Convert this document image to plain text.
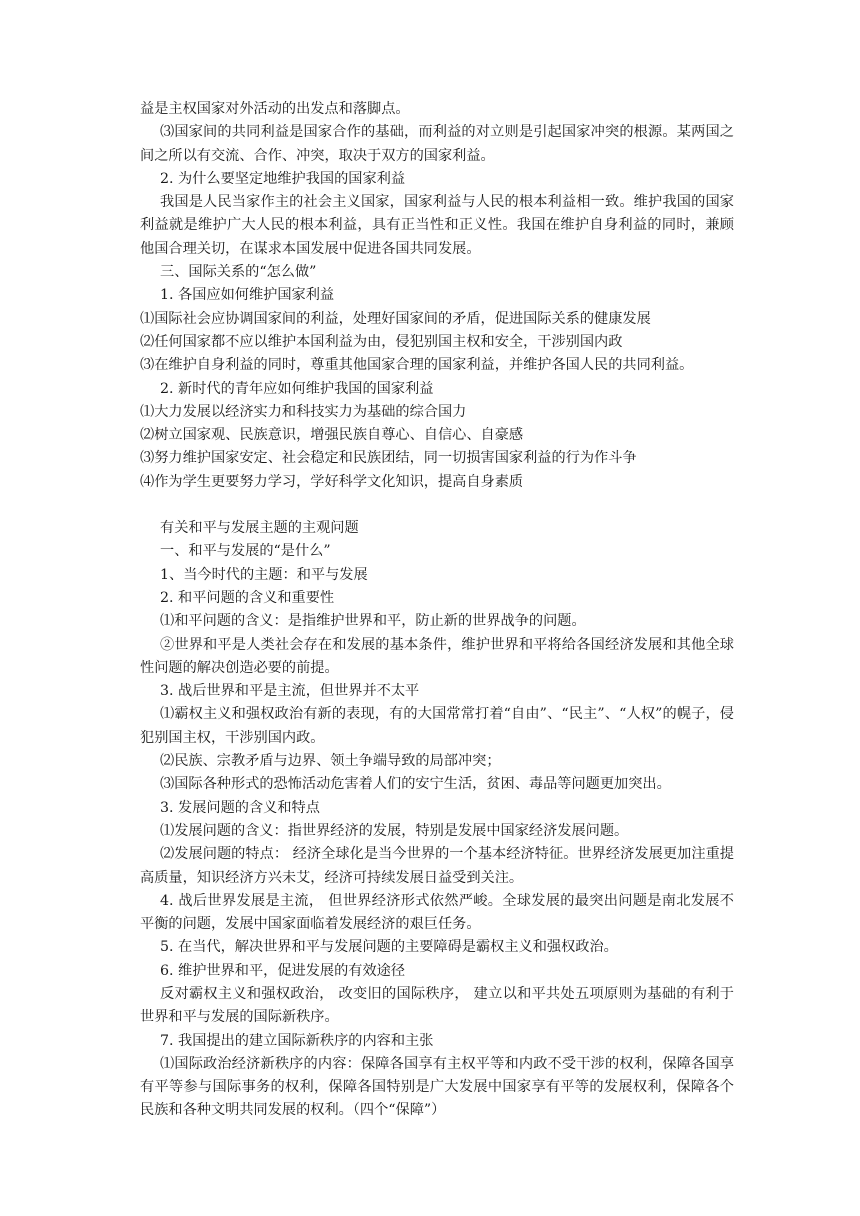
益是主权国家对外活动的出发点和落脚点。

⑶国家间的共同利益是国家合作的基础，而利益的对立则是引起国家冲突的根源。某两国之间之所以有交流、合作、冲突，取决于双方的国家利益。

2. 为什么要坚定地维护我国的国家利益

我国是人民当家作主的社会主义国家，国家利益与人民的根本利益相一致。维护我国的国家利益就是维护广大人民的根本利益，具有正当性和正义性。我国在维护自身利益的同时，兼顾他国合理关切，在谋求本国发展中促进各国共同发展。

三、国际关系的“怎么做”

1. 各国应如何维护国家利益

⑴国际社会应协调国家间的利益，处理好国家间的矛盾，促进国际关系的健康发展

⑵任何国家都不应以维护本国利益为由，侵犯别国主权和安全，干涉别国内政

⑶在维护自身利益的同时，尊重其他国家合理的国家利益，并维护各国人民的共同利益。

2. 新时代的青年应如何维护我国的国家利益

⑴大力发展以经济实力和科技实力为基础的综合国力

⑵树立国家观、民族意识，增强民族自尊心、自信心、自豪感

⑶努力维护国家安定、社会稳定和民族团结，同一切损害国家利益的行为作斗争

⑷作为学生更要努力学习，学好科学文化知识，提高自身素质

有关和平与发展主题的主观问题

一、和平与发展的“是什么”

1、当今时代的主题：和平与发展

2. 和平问题的含义和重要性

⑴和平问题的含义：是指维护世界和平，防止新的世界战争的问题。

②世界和平是人类社会存在和发展的基本条件，维护世界和平将给各国经济发展和其他全球性问题的解决创造必要的前提。

3. 战后世界和平是主流，但世界并不太平

⑴霸权主义和强权政治有新的表现，有的大国常常打着“自由”、“民主”、“人权”的幌子，侵犯别国主权，干涉别国内政。

⑵民族、宗教矛盾与边界、领土争端导致的局部冲突；

⑶国际各种形式的恐怖活动危害着人们的安宁生活，贫困、毒品等问题更加突出。

3. 发展问题的含义和特点

⑴发展问题的含义：指世界经济的发展，特别是发展中国家经济发展问题。

⑵发展问题的特点： 经济全球化是当今世界的一个基本经济特征。世界经济发展更加注重提高质量，知识经济方兴未艾，经济可持续发展日益受到关注。

4. 战后世界发展是主流， 但世界经济形式依然严峻。全球发展的最突出问题是南北发展不平衡的问题，发展中国家面临着发展经济的艰巨任务。

5. 在当代，解决世界和平与发展问题的主要障碍是霸权主义和强权政治。

6. 维护世界和平，促进发展的有效途径

反对霸权主义和强权政治， 改变旧的国际秩序， 建立以和平共处五项原则为基础的有利于世界和平与发展的国际新秩序。

7. 我国提出的建立国际新秩序的内容和主张

⑴国际政治经济新秩序的内容：保障各国享有主权平等和内政不受干涉的权利，保障各国享有平等参与国际事务的权利，保障各国特别是广大发展中国家享有平等的发展权利，保障各个民族和各种文明共同发展的权利。（四个“保障”）
